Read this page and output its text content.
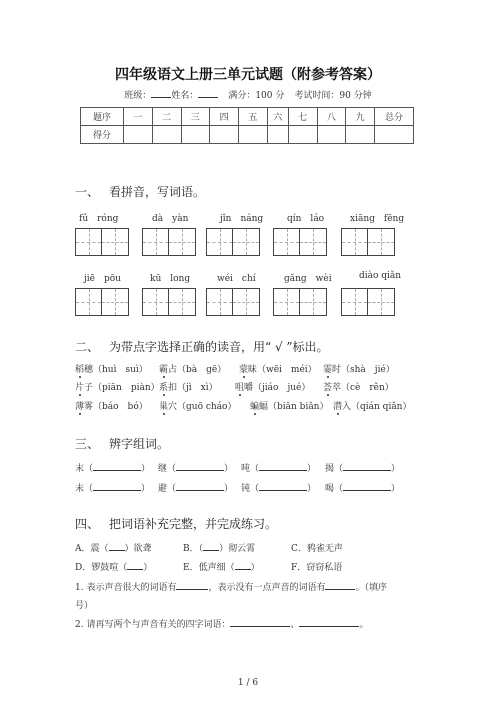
四年级语文上册三单元试题（附参考答案）
班级： 姓名：	满分：100 分 考试时间：90 分钟
题序	一	二	三	四	五	六	七	八	九	总分
得分										
一、 看拼音，写词语。
fǔ　róng	dà　yàn	jǐn　náng	qín　láo	xiāng　fēng
jiē　pōu	kū　long	wéi　chí	gǎng　wèi	diào qiǎn
二、 为带点字选择正确的读音，用“ √ ”标出。
稻穗（huì　suì） 霸占（bà　gē） 蒙昧（wēi　méi） 霎时（shà　jié）
片子（piān　piàn） 系扣（jì　xì） 咀嚼（jiáo　jué） 荟萃（cè　rěn）
薄雾（báo　bó） 巢穴（guō cháo） 蝙蝠（biān biǎn） 潜入（qián qiǎn）
三、 辨字组词。
末（	） 继（	） 吨（	） 揭（	）
未（	） 避（	） 钝（	） 喝（	）
四、 把词语补充完整，并完成练习。
A．震（ ）欲聋	B．（ ）彻云霄	C．鸦雀无声
D．锣鼓喧（ ）	E．低声细（ ）	F．窃窃私语
1. 表示声音很大的词语有	，表示没有一点声音的词语有	。（填序
号）
2. 请再写两个与声音有关的四字词语：	、	。
1 / 6
